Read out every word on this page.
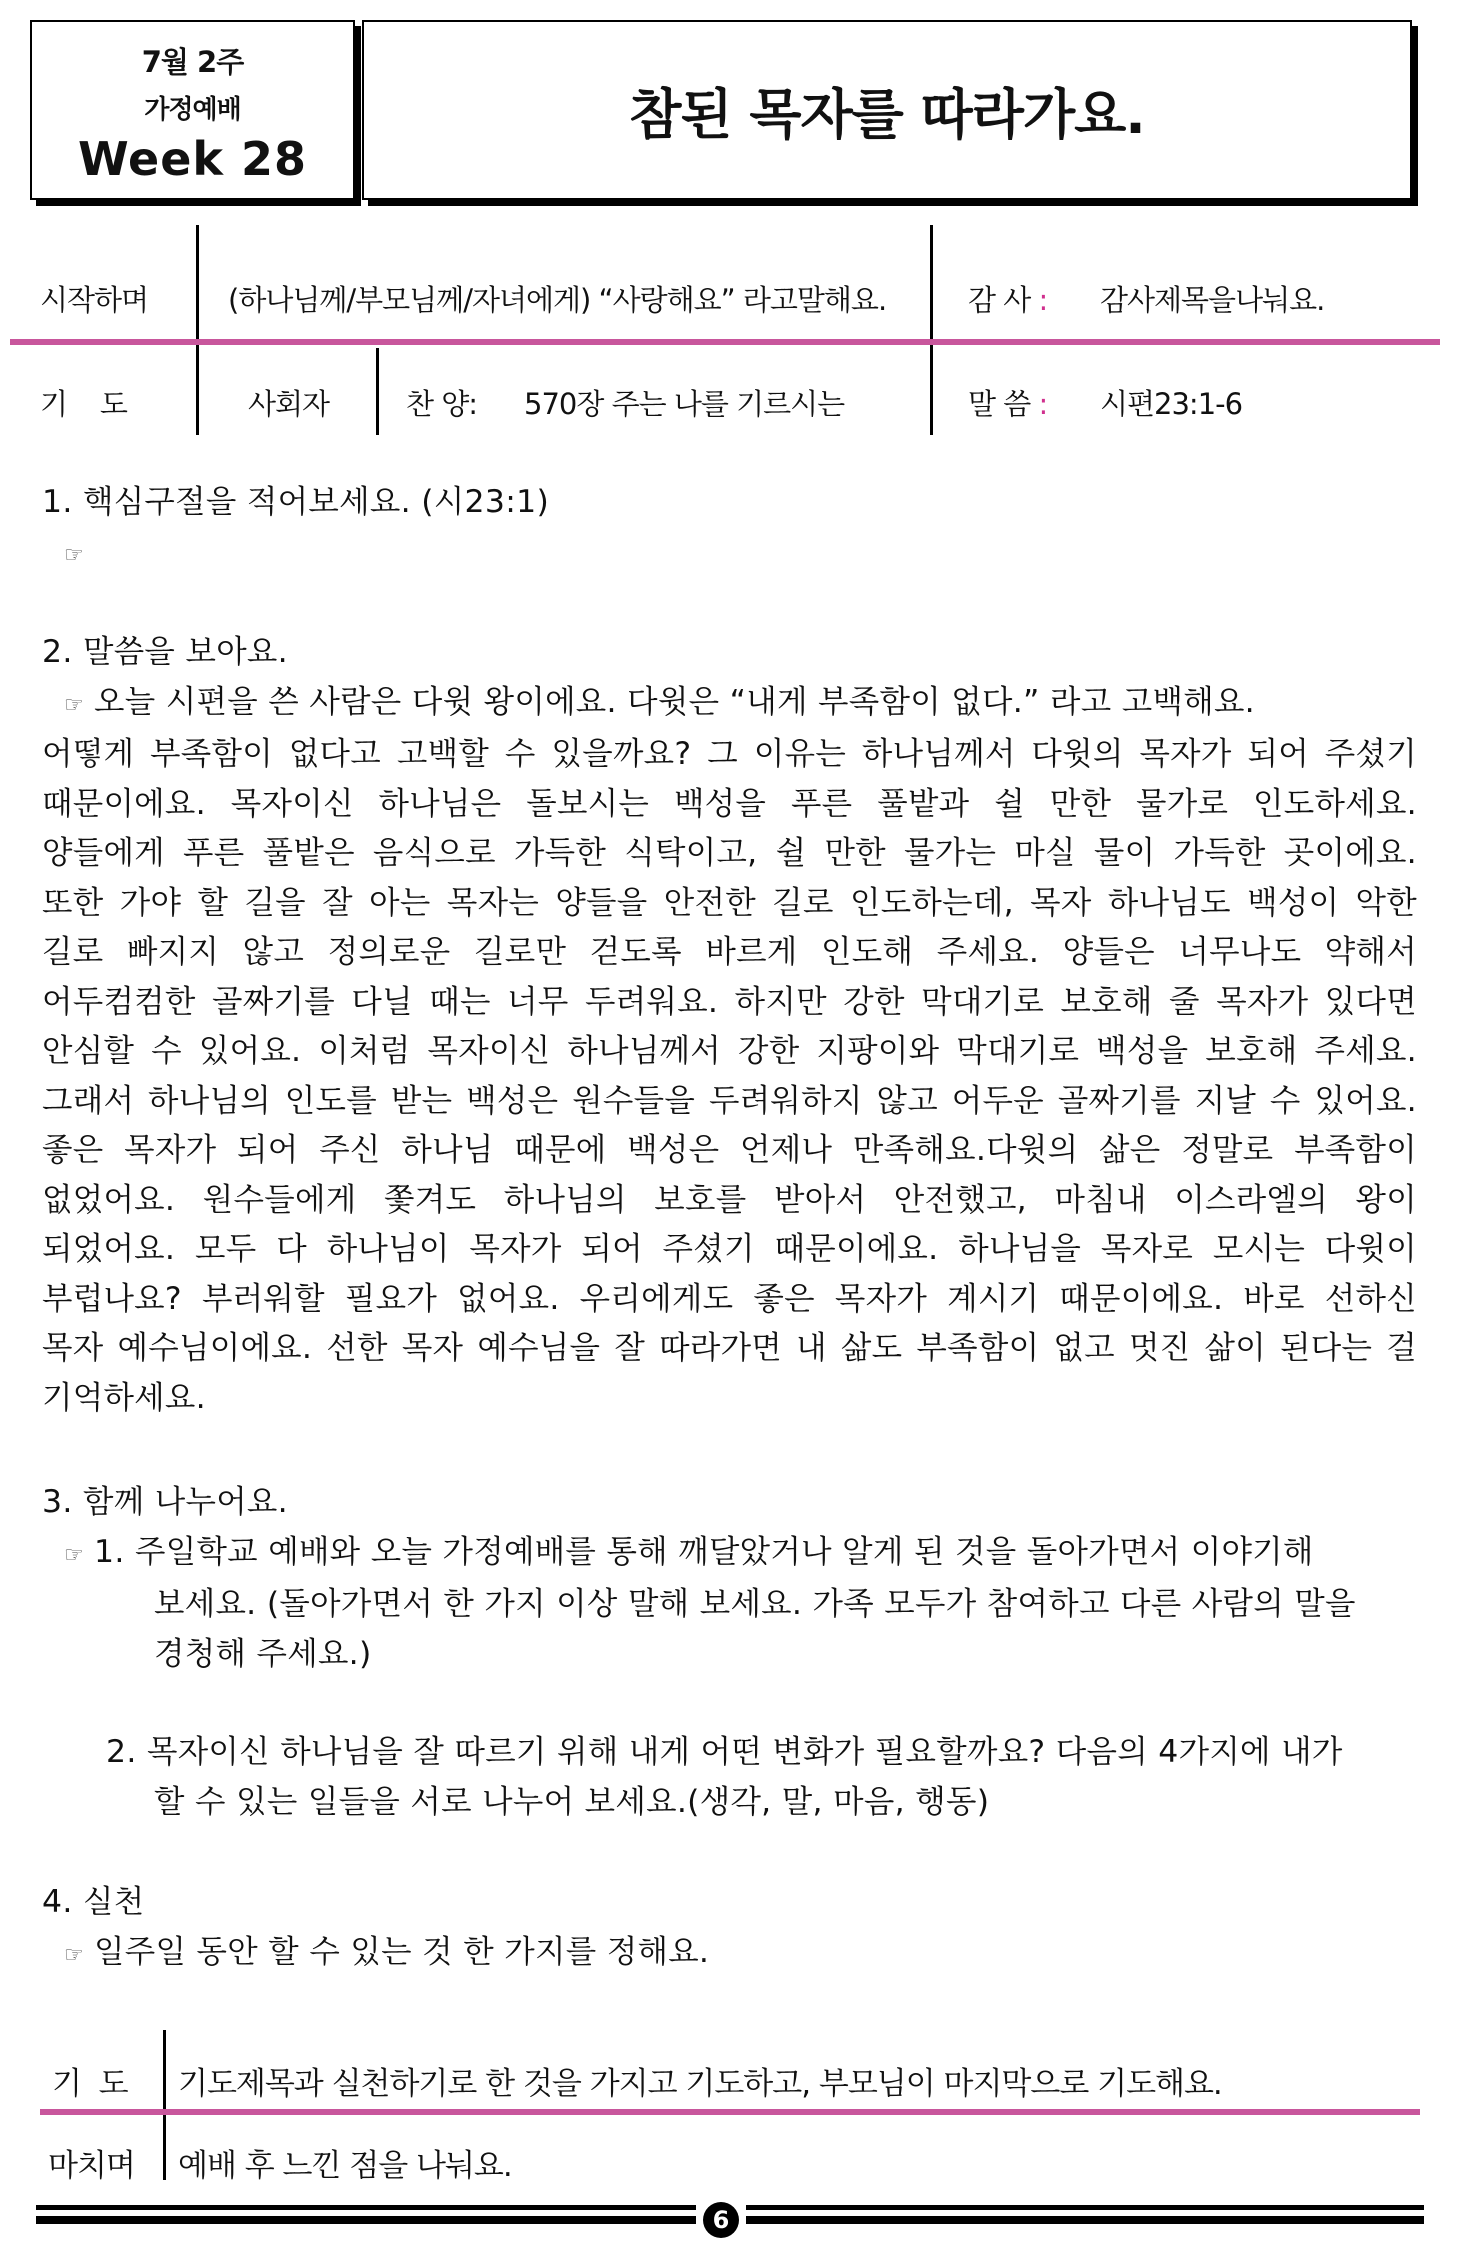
7월 2주
가정예배
Week 28
참된 목자를 따라가요.
시작하며	(하나님께/부모님께/자녀에게) “사랑해요” 라고말해요.	감 사 : 감사제목을나눠요.
기    도	사회자	찬 양: 570장 주는 나를 기르시는	말 씀 : 시편23:1-6
1. 핵심구절을 적어보세요. (시23:1)
☞
2. 말씀을 보아요.
☞ 오늘 시편을 쓴 사람은 다윗 왕이에요. 다윗은 “내게 부족함이 없다.” 라고 고백해요.
어떻게 부족함이 없다고 고백할 수 있을까요? 그 이유는 하나님께서 다윗의 목자가 되어 주셨기
때문이에요. 목자이신 하나님은 돌보시는 백성을 푸른 풀밭과 쉴 만한 물가로 인도하세요.
양들에게 푸른 풀밭은 음식으로 가득한 식탁이고, 쉴 만한 물가는 마실 물이 가득한 곳이에요.
또한 가야 할 길을 잘 아는 목자는 양들을 안전한 길로 인도하는데, 목자 하나님도 백성이 악한
길로 빠지지 않고 정의로운 길로만 걷도록 바르게 인도해 주세요. 양들은 너무나도 약해서
어두컴컴한 골짜기를 다닐 때는 너무 두려워요. 하지만 강한 막대기로 보호해 줄 목자가 있다면
안심할 수 있어요. 이처럼 목자이신 하나님께서 강한 지팡이와 막대기로 백성을 보호해 주세요.
그래서 하나님의 인도를 받는 백성은 원수들을 두려워하지 않고 어두운 골짜기를 지날 수 있어요.
좋은 목자가 되어 주신 하나님 때문에 백성은 언제나 만족해요.다윗의 삶은 정말로 부족함이
없었어요. 원수들에게 쫓겨도 하나님의 보호를 받아서 안전했고, 마침내 이스라엘의 왕이
되었어요. 모두 다 하나님이 목자가 되어 주셨기 때문이에요. 하나님을 목자로 모시는 다윗이
부럽나요? 부러워할 필요가 없어요. 우리에게도 좋은 목자가 계시기 때문이에요. 바로 선하신
목자 예수님이에요. 선한 목자 예수님을 잘 따라가면 내 삶도 부족함이 없고 멋진 삶이 된다는 걸
기억하세요.
3. 함께 나누어요.
☞ 1. 주일학교 예배와 오늘 가정예배를 통해 깨달았거나 알게 된 것을 돌아가면서 이야기해
보세요. (돌아가면서 한 가지 이상 말해 보세요. 가족 모두가 참여하고 다른 사람의 말을
경청해 주세요.)
2. 목자이신 하나님을 잘 따르기 위해 내게 어떤 변화가 필요할까요? 다음의 4가지에 내가
할 수 있는 일들을 서로 나누어 보세요.(생각, 말, 마음, 행동)
4. 실천
☞ 일주일 동안 할 수 있는 것 한 가지를 정해요.
기  도 기도제목과 실천하기로 한 것을 가지고 기도하고, 부모님이 마지막으로 기도해요.
마치며 예배 후 느낀 점을 나눠요.
6
